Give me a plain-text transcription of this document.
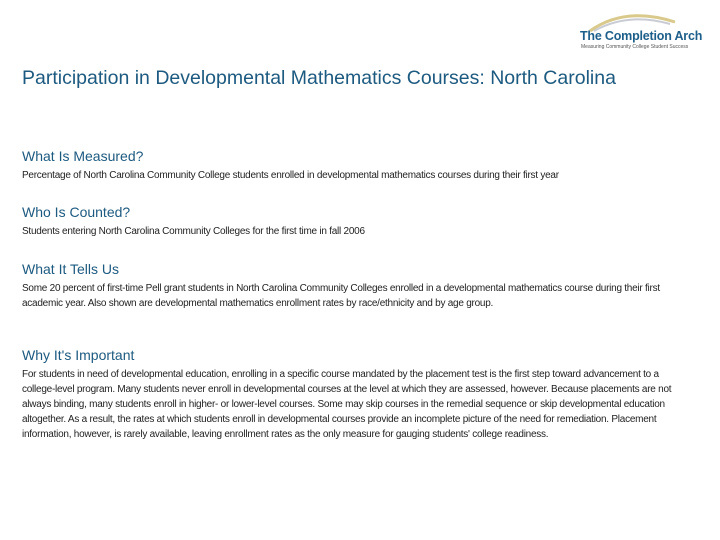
The Completion Arch
Measuring Community College Student Success
Participation in Developmental Mathematics Courses: North Carolina
What Is Measured?

Percentage of North Carolina Community College students enrolled in developmental mathematics courses during their first year

Who Is Counted?

Students entering North Carolina Community Colleges for the first time in fall 2006

What It Tells Us

Some 20 percent of first-time Pell grant students in North Carolina Community Colleges enrolled in a developmental mathematics course during their first academic year. Also shown are developmental mathematics enrollment rates by race/ethnicity and by age group.

Why It's Important

For students in need of developmental education, enrolling in a specific course mandated by the placement test is the first step toward advancement to a college-level program. Many students never enroll in developmental courses at the level at which they are assessed, however. Because placements are not always binding, many students enroll in higher- or lower-level courses. Some may skip courses in the remedial sequence or skip developmental education altogether. As a result, the rates at which students enroll in developmental courses provide an incomplete picture of the need for remediation. Placement information, however, is rarely available, leaving enrollment rates as the only measure for gauging students' college readiness.
